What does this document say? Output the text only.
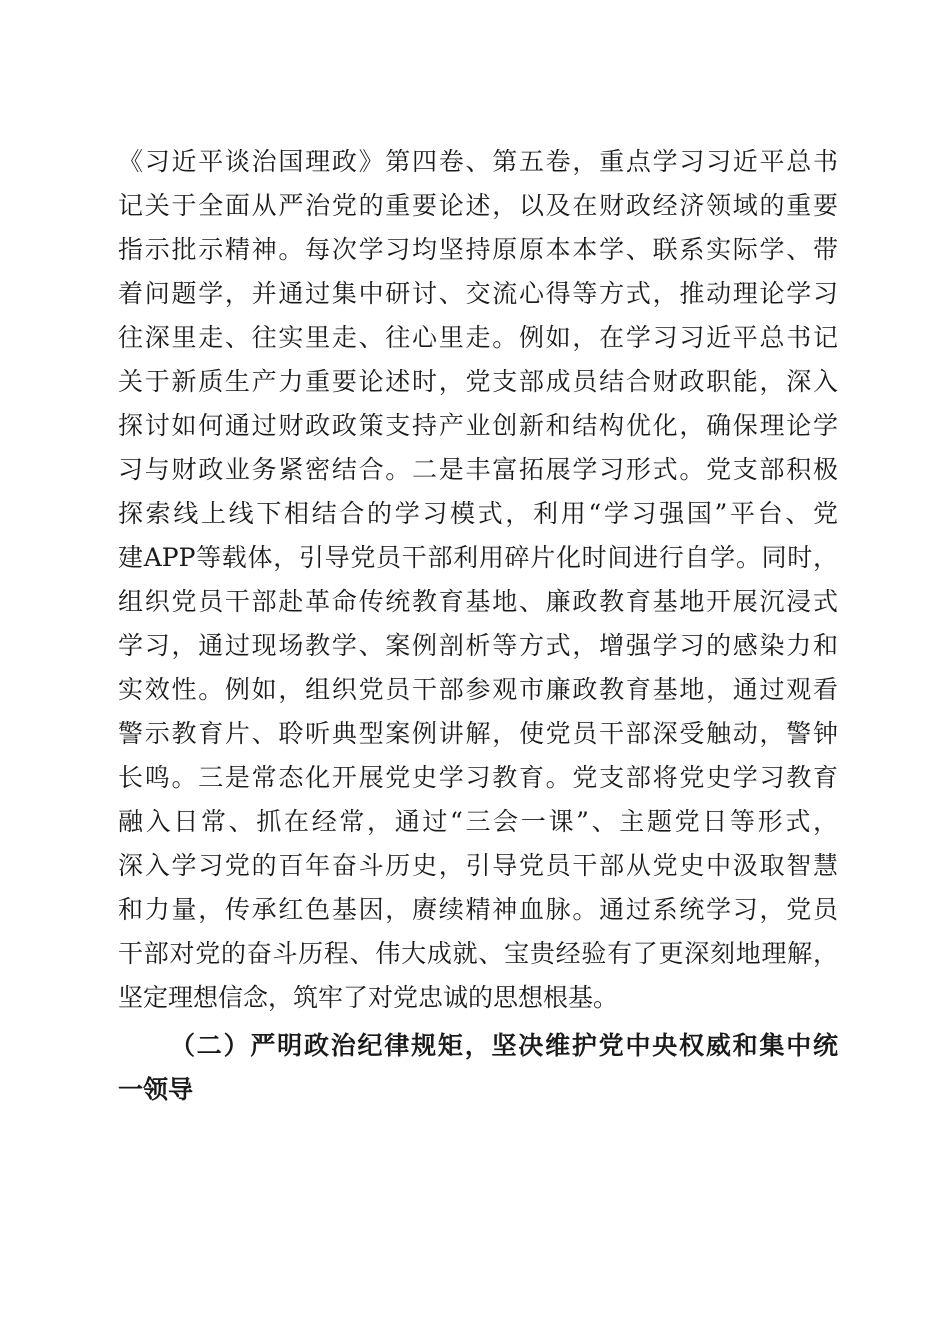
《习近平谈治国理政》第四卷、第五卷，重点学习习近平总书
记关于全面从严治党的重要论述，以及在财政经济领域的重要
指示批示精神。每次学习均坚持原原本本学、联系实际学、带
着问题学，并通过集中研讨、交流心得等方式，推动理论学习
往深里走、往实里走、往心里走。例如，在学习习近平总书记
关于新质生产力重要论述时，党支部成员结合财政职能，深入
探讨如何通过财政政策支持产业创新和结构优化，确保理论学
习与财政业务紧密结合。二是丰富拓展学习形式。党支部积极
探索线上线下相结合的学习模式，利用“学习强国”平台、党
建APP等载体，引导党员干部利用碎片化时间进行自学。同时，
组织党员干部赴革命传统教育基地、廉政教育基地开展沉浸式
学习，通过现场教学、案例剖析等方式，增强学习的感染力和
实效性。例如，组织党员干部参观市廉政教育基地，通过观看
警示教育片、聆听典型案例讲解，使党员干部深受触动，警钟
长鸣。三是常态化开展党史学习教育。党支部将党史学习教育
融入日常、抓在经常，通过“三会一课”、主题党日等形式，
深入学习党的百年奋斗历史，引导党员干部从党史中汲取智慧
和力量，传承红色基因，赓续精神血脉。通过系统学习，党员
干部对党的奋斗历程、伟大成就、宝贵经验有了更深刻地理解，
坚定理想信念，筑牢了对党忠诚的思想根基。
（二）严明政治纪律规矩，坚决维护党中央权威和集中统
一领导
